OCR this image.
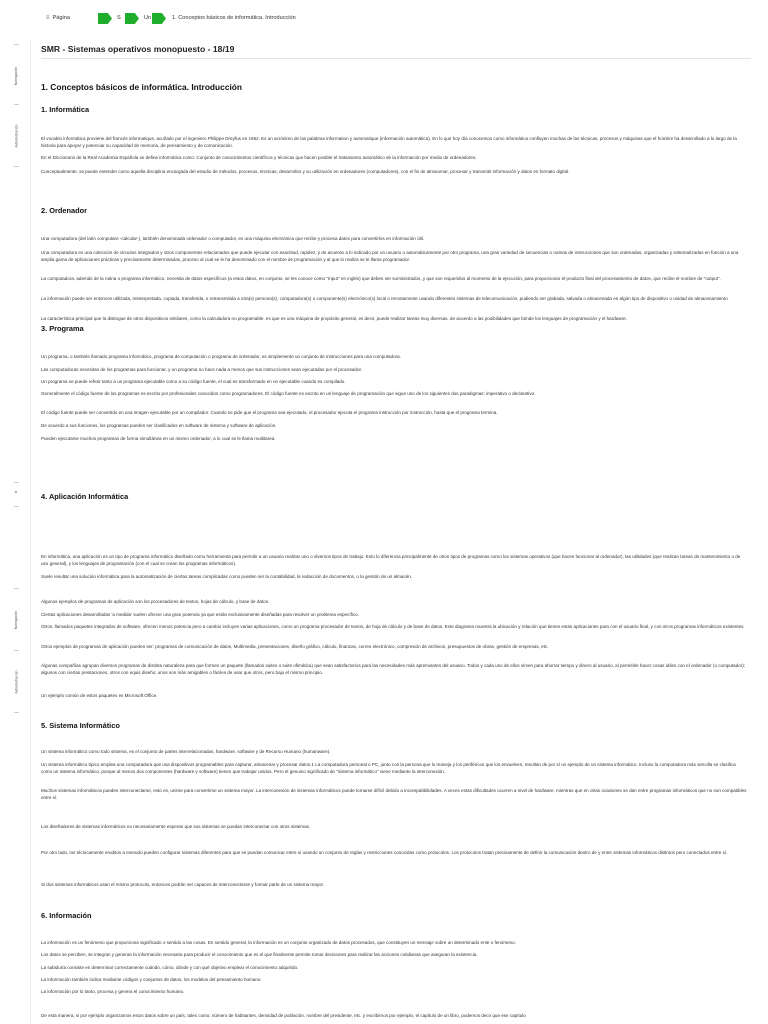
≡ Página	S	Un	1. Conceptos básicos de informática. Introducción
Navegación
Administración
«
Navegación
Administración
SMR - Sistemas operativos monopuesto - 18/19
1. Conceptos básicos de informática. Introducción
1. Informática
El vocablo informática proviene del francés informatique, acuñado por el ingeniero Philippe Dreyfus en 1962. Es un acrónimo de las palabras information y automatique (información automática). En lo que hoy día conocemos como informática confluyen muchas de las técnicas, procesos y máquinas que el hombre ha desarrollado a lo largo de la historia para apoyar y potenciar su capacidad de memoria, de pensamiento y de comunicación.
En el Diccionario de la Real Academia Española se define informática como: Conjunto de conocimientos científicos y técnicas que hacen posible el tratamiento automático de la información por medio de ordenadores.
Conceptualmente, se puede entender como aquella disciplina encargada del estudio de métodos, procesos, técnicas, desarrollos y su utilización en ordenadores (computadores), con el fin de almacenar, procesar y transmitir información y datos en formato digital.
2. Ordenador
Una computadora (del latín computare -calcular-), también denominada ordenador o computador, es una máquina electrónica que recibe y procesa datos para convertirlos en información útil.
Una computadora es una colección de circuitos integrados y otros componentes relacionados que puede ejecutar con exactitud, rapidez, y de acuerdo a lo indicado por un usuario o automáticamente por otro programa, una gran variedad de secuencias o rutinas de instrucciones que son ordenadas, organizadas y sistematizadas en función a una amplia gama de aplicaciones prácticas y precisamente determinadas, proceso al cual se le ha denominado con el nombre de programación y al que lo realiza se le llama programador.
La computadora, además de la rutina o programa informático, necesita de datos específicos (a estos datos, en conjunto, se les conoce como "Input" en inglés) que deben ser suministrados, y que son requeridos al momento de la ejecución, para proporcionar el producto final del procesamiento de datos, que recibe el nombre de "output".
La información puede ser entonces utilizada, reinterpretada, copiada, transferida, o retransmitida a otra(s) persona(s), computadora(s) o componente(s) electrónico(s) local o remotamente usando diferentes sistemas de telecomunicación, pudiendo ser grabada, salvada o almacenada en algún tipo de dispositivo o unidad de almacenamiento
La característica principal que la distingue de otros dispositivos similares, como la calculadora no programable, es que es una máquina de propósito general, es decir, puede realizar tareas muy diversas, de acuerdo a las posibilidades que brinde los lenguajes de programación y el hardware.
3. Programa
Un programa, o también llamado programa informático, programa de computación o programa de ordenador, es simplemente un conjunto de instrucciones para una computadora.
Las computadoras necesitan de los programas para funcionar, y un programa no hace nada a menos que sus instrucciones sean ejecutadas por el procesador.
Un programa se puede referir tanto a un programa ejecutable como a su código fuente, el cual es transformado en un ejecutable cuando es compilado.
Generalmente el código fuente de los programas es escrito por profesionales conocidos como programadores. El código fuente es escrito en un lenguaje de programación que sigue uno de los siguientes dos paradigmas: imperativo o declarativo.
El código fuente puede ser convertido en una imagen ejecutable por un compilador. Cuando se pide que el programa sea ejecutado, el procesador ejecuta el programa instrucción por instrucción, hasta que el programa termina.
De acuerdo a sus funciones, los programas pueden ser clasificados en software de sistema y software de aplicación.
Pueden ejecutarse muchos programas de forma simultánea en un mismo ordenador, a lo cual se le llama multitarea.
4. Aplicación Informática
En informática, una aplicación es un tipo de programa informático diseñado como herramienta para permitir a un usuario realizar uno o diversos tipos de trabajo. Esto lo diferencia principalmente de otros tipos de programas como los sistemas operativos (que hacen funcionar al ordenador), las utilidades (que realizan tareas de mantenimiento o de uso general), y los lenguajes de programación (con el cual se crean los programas informáticos).
Suele resultar una solución informática para la automatización de ciertas tareas complicadas como pueden ser la contabilidad, la redacción de documentos, o la gestión de un almacén.
Algunos ejemplos de programas de aplicación son los procesadores de textos, hojas de cálculo, y base de datos.
Ciertas aplicaciones desarrolladas 'a medida' suelen ofrecer una gran potencia ya que están exclusivamente diseñadas para resolver un problema específico.
Otros, llamados paquetes integrados de software, ofrecen menos potencia pero a cambio incluyen varias aplicaciones, como un programa procesador de textos, de hoja de cálculo y de base de datos. Este diagrama muestra la ubicación y relación que tienen estas aplicaciones para con el usuario final, y con otros programas informáticos existentes.
Otros ejemplos de programas de aplicación pueden ser: programas de comunicación de datos, Multimedia, presentaciones, diseño gráfico, cálculo, finanzas, correo electrónico, compresión de archivos, presupuestos de obras, gestión de empresas, etc.
Algunas compañías agrupan diversos programas de distinta naturaleza para que formen un paquete (llamados suites o suite ofimática) que sean satisfactorios para las necesidades más apremiantes del usuario. Todos y cada uno de ellos sirven para ahorrar tiempo y dinero al usuario, al permitirle hacer cosas útiles con el ordenador (o computador); algunos con ciertas prestaciones, otros con equis diseño; unos son más amigables o fáciles de usar que otros, pero bajo el mismo principio.
Un ejemplo común de estos paquetes es Microsoft Office.
5. Sistema Informático
Un sistema informático como todo sistema, es el conjunto de partes interrelacionadas, hardware, software y de Recurso Humano (humanware).
Un sistema informático típico emplea una computadora que usa dispositivos programables para capturar, almacenar y procesar datos.1 La computadora personal o PC, junto con la persona que lo maneja y los periféricos que los envuelven, resultan de por sí un ejemplo de un sistema informático. Incluso la computadora más sencilla se clasifica como un sistema informático, porque al menos dos componentes (hardware y software) tienen que trabajar unidos. Pero el genuino significado de "sistema informático" viene mediante la interconexión.
Muchos sistemas informáticos pueden interconectarse, esto es, unirse para convertirse un sistema mayor. La interconexión de sistemas informáticos puede tornarse difícil debido a incompatibilidades. A veces estas dificultades ocurren a nivel de hardware, mientras que en otras ocasiones se dan entre programas informáticos que no son compatibles entre sí.
Los diseñadores de sistemas informáticos no necesariamente esperan que sus sistemas se puedan interconectar con otros sistemas.
Por otro lado, los técnicamente eruditos a menudo pueden configurar sistemas diferentes para que se puedan comunicar entre sí usando un conjunto de reglas y restricciones conocidas como protocolos. Los protocolos tratan precisamente de definir la comunicación dentro de y entre sistemas informáticos distintos pero conectados entre sí.
Si dos sistemas informáticos usan el mismo protocolo, entonces podrán ser capaces de interconectarse y formar parte de un sistema mayor.
6. Información
La información es un fenómeno que proporciona significado o sentido a las cosas. En sentido general, la información es un conjunto organizado de datos procesados, que constituyen un mensaje sobre un determinado ente o fenómeno.
Los datos se perciben, se integran y generan la información necesaria para producir el conocimiento que es el que finalmente permite tomar decisiones para realizar las acciones cotidianas que aseguran la existencia.
La sabiduría consiste en determinar correctamente cuándo, cómo, dónde y con qué objetivo emplear el conocimiento adquirido.
La información también indica mediante códigos y conjuntos de datos, los modelos del pensamiento humano.
La información por lo tanto, procesa y genera el conocimiento humano.
De esta manera, si por ejemplo organizamos estos datos sobre un país, tales como: número de habitantes, densidad de población, nombre del presidente, etc. y escribimos por ejemplo, el capítulo de un libro, podemos decir que ese capítulo
